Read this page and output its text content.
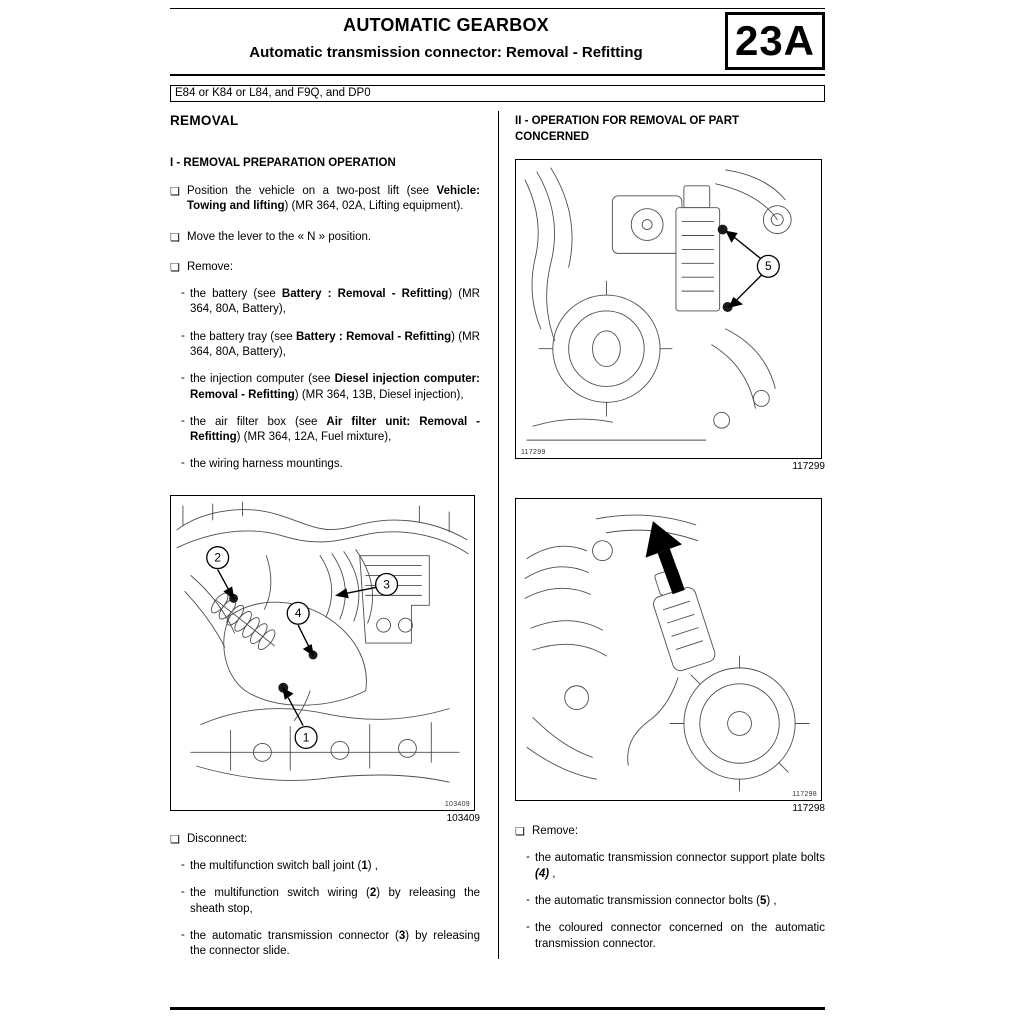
AUTOMATIC GEARBOX
Automatic transmission connector: Removal - Refitting	23A
E84 or K84 or L84, and F9Q, and DP0
REMOVAL
I - REMOVAL PREPARATION OPERATION
❏ Position the vehicle on a two-post lift (see Vehicle: Towing and lifting) (MR 364, 02A, Lifting equipment).
❏ Move the lever to the « N » position.
❏ Remove:
- the battery (see Battery : Removal - Refitting) (MR 364, 80A, Battery),
- the battery tray (see Battery : Removal - Refitting) (MR 364, 80A, Battery),
- the injection computer (see Diesel injection computer: Removal - Refitting) (MR 364, 13B, Diesel injection),
- the air filter box (see Air filter unit: Removal - Refitting) (MR 364, 12A, Fuel mixture),
- the wiring harness mountings.
2
3
4
1
103409
103409
❏ Disconnect:
- the multifunction switch ball joint (1) ,
- the multifunction switch wiring (2) by releasing the sheath stop,
- the automatic transmission connector (3) by releasing the connector slide.
II - OPERATION FOR REMOVAL OF PART CONCERNED
5
117299
117299
117298
117298
❏ Remove:
- the automatic transmission connector support plate bolts (4) ,
- the automatic transmission connector bolts (5) ,
- the coloured connector concerned on the automatic transmission connector.
